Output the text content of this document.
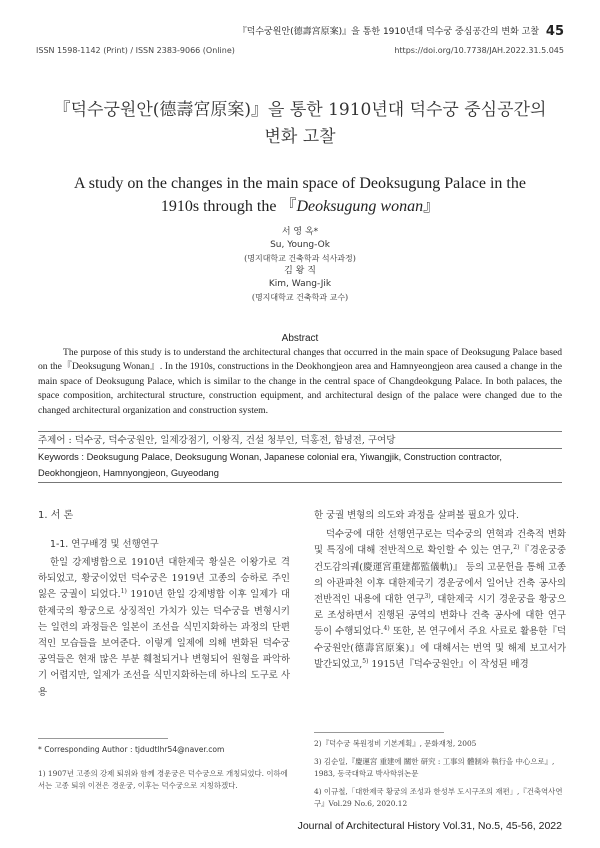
『덕수궁원안(德壽宮原案)』을 통한 1910년대 덕수궁 중심공간의 변화 고찰 45
ISSN 1598-1142 (Print) / ISSN 2383-9066 (Online)	https://doi.org/10.7738/JAH.2022.31.5.045
『덕수궁원안(德壽宮原案)』을 통한 1910년대 덕수궁 중심공간의
변화 고찰
A study on the changes in the main space of Deoksugung Palace in the
1910s through the 『Deoksugung wonan』
서 영 옥*
Su, Young-Ok
(명지대학교 건축학과 석사과정)
김 왕 직
Kim, Wang-Jik
(명지대학교 건축학과 교수)
Abstract
The purpose of this study is to understand the architectural changes that occurred in the main space of Deoksugung Palace based on the『Deoksugung Wonan』. In the 1910s, constructions in the Deokhongjeon area and Hamnyeongjeon area caused a change in the main space of Deoksugung Palace, which is similar to the change in the central space of Changdeokgung Palace. In both palaces, the space composition, architectural structure, construction equipment, and architectural design of the palace were changed due to the changed architectural organization and construction system.
주제어 : 덕수궁, 덕수궁원안, 일제강점기, 이왕직, 건설 청부인, 덕홍전, 함녕전, 구여당
Keywords : Deoksugung Palace, Deoksugung Wonan, Japanese colonial era, Yiwangjik, Construction contractor, Deokhongjeon, Hamnyongjeon, Guyeodang
1. 서 론
1-1. 연구배경 및 선행연구
한일 강제병합으로 1910년 대한제국 황실은 이왕가로 격하되었고, 황궁이었던 덕수궁은 1919년 고종의 승하로 주인 잃은 궁궐이 되었다.$^{1)}$ 1910년 한일 강제병합 이후 일제가 대한제국의 황궁으로 상징적인 가치가 있는 덕수궁을 변형시키는 일련의 과정들은 일본이 조선을 식민지화하는 과정의 단편적인 모습들을 보여준다. 이렇게 일제에 의해 변화된 덕수궁 공역들은 현재 많은 부분 훼철되거나 변형되어 원형을 파악하기 어렵지만, 일제가 조선을 식민지화하는데 하나의 도구로 사용
한 궁궐 변형의 의도와 과정을 살펴볼 필요가 있다.
덕수궁에 대한 선행연구로는 덕수궁의 연혁과 건축적 변화 및 특징에 대해 전반적으로 확인할 수 있는 연구,$^{2)}$『경운궁중건도감의궤(慶運宮重建都監儀軌)』 등의 고문헌을 통해 고종의 아관파천 이후 대한제국기 경운궁에서 일어난 건축 공사의 전반적인 내용에 대한 연구$^{3)}$, 대한제국 시기 경운궁을 황궁으로 조성하면서 진행된 공역의 변화나 건축 공사에 대한 연구 등이 수행되었다.$^{4)}$ 또한, 본 연구에서 주요 사료로 활용한『덕수궁원안(德壽宮原案)』에 대해서는 번역 및 해제 보고서가 발간되었고,$^{5)}$ 1915년『덕수궁원안』이 작성된 배경
* Corresponding Author : tjdudtlhr54@naver.com
1) 1907년 고종의 강제 퇴위와 함께 경운궁은 덕수궁으로 개칭되었다. 이하에서는 고종 퇴위 이전은 경운궁, 이후는 덕수궁으로 지칭하겠다.
2)『덕수궁 복원정비 기본계획』, 문화재청, 2005
3) 김순일,『慶運宮 重建에 關한 研究 : 工事의 體制와 執行을 中心으로』, 1983, 동국대학교 박사학위논문
4) 이규철,「대한제국 황궁의 조성과 한성부 도시구조의 재편」,『건축역사연구』Vol.29 No.6, 2020.12
Journal of Architectural History Vol.31, No.5, 45-56, 2022
